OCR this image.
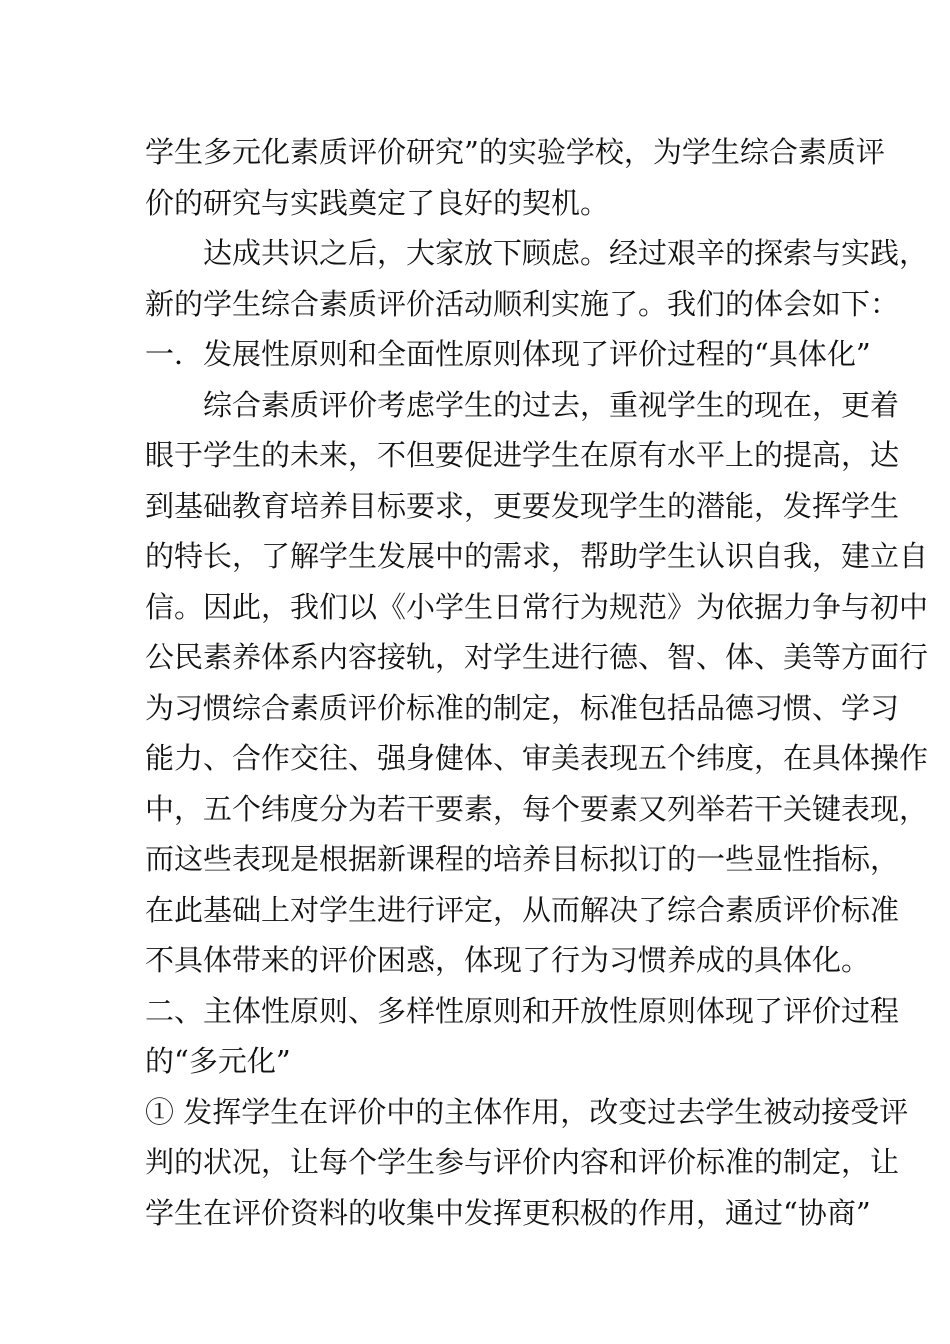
学生多元化素质评价研究”的实验学校，为学生综合素质评
价的研究与实践奠定了良好的契机。
达成共识之后，大家放下顾虑。经过艰辛的探索与实践，
新的学生综合素质评价活动顺利实施了。我们的体会如下：
一．发展性原则和全面性原则体现了评价过程的“具体化”
综合素质评价考虑学生的过去，重视学生的现在，更着
眼于学生的未来，不但要促进学生在原有水平上的提高，达
到基础教育培养目标要求，更要发现学生的潜能，发挥学生
的特长，了解学生发展中的需求，帮助学生认识自我，建立自
信。因此，我们以《小学生日常行为规范》为依据力争与初中
公民素养体系内容接轨，对学生进行德、智、体、美等方面行
为习惯综合素质评价标准的制定，标准包括品德习惯、学习
能力、合作交往、强身健体、审美表现五个纬度，在具体操作
中，五个纬度分为若干要素，每个要素又列举若干关键表现，
而这些表现是根据新课程的培养目标拟订的一些显性指标，
在此基础上对学生进行评定，从而解决了综合素质评价标准
不具体带来的评价困惑，体现了行为习惯养成的具体化。
二、主体性原则、多样性原则和开放性原则体现了评价过程
的“多元化”
① 发挥学生在评价中的主体作用，改变过去学生被动接受评
判的状况，让每个学生参与评价内容和评价标准的制定，让
学生在评价资料的收集中发挥更积极的作用，通过“协商”
